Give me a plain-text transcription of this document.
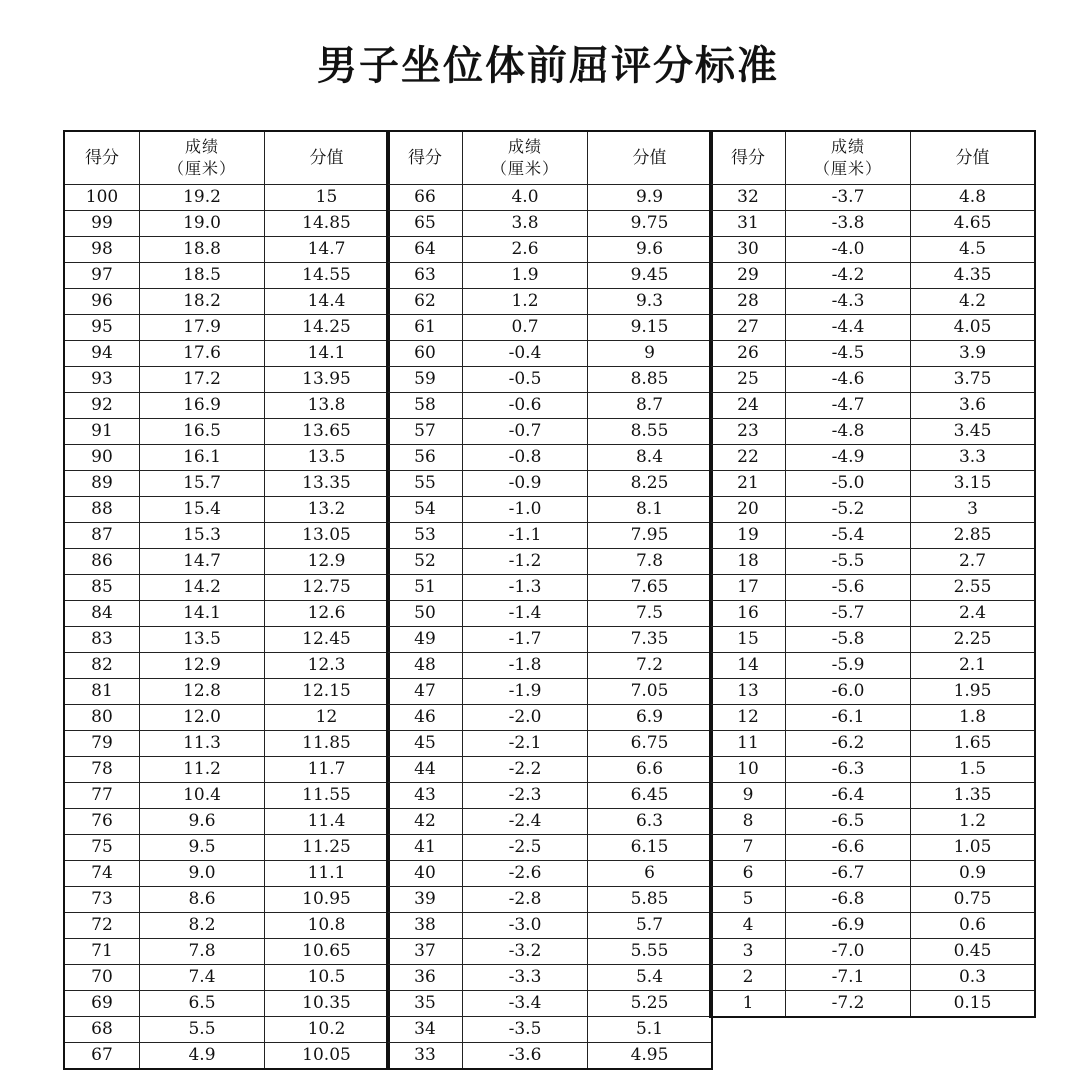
男子坐位体前屈评分标准
得分	成绩
（厘米）	分值
100	19.2	15
99	19.0	14.85
98	18.8	14.7
97	18.5	14.55
96	18.2	14.4
95	17.9	14.25
94	17.6	14.1
93	17.2	13.95
92	16.9	13.8
91	16.5	13.65
90	16.1	13.5
89	15.7	13.35
88	15.4	13.2
87	15.3	13.05
86	14.7	12.9
85	14.2	12.75
84	14.1	12.6
83	13.5	12.45
82	12.9	12.3
81	12.8	12.15
80	12.0	12
79	11.3	11.85
78	11.2	11.7
77	10.4	11.55
76	9.6	11.4
75	9.5	11.25
74	9.0	11.1
73	8.6	10.95
72	8.2	10.8
71	7.8	10.65
70	7.4	10.5
69	6.5	10.35
68	5.5	10.2
67	4.9	10.05
得分	成绩
（厘米）	分值
66	4.0	9.9
65	3.8	9.75
64	2.6	9.6
63	1.9	9.45
62	1.2	9.3
61	0.7	9.15
60	-0.4	9
59	-0.5	8.85
58	-0.6	8.7
57	-0.7	8.55
56	-0.8	8.4
55	-0.9	8.25
54	-1.0	8.1
53	-1.1	7.95
52	-1.2	7.8
51	-1.3	7.65
50	-1.4	7.5
49	-1.7	7.35
48	-1.8	7.2
47	-1.9	7.05
46	-2.0	6.9
45	-2.1	6.75
44	-2.2	6.6
43	-2.3	6.45
42	-2.4	6.3
41	-2.5	6.15
40	-2.6	6
39	-2.8	5.85
38	-3.0	5.7
37	-3.2	5.55
36	-3.3	5.4
35	-3.4	5.25
34	-3.5	5.1
33	-3.6	4.95
得分	成绩
（厘米）	分值
32	-3.7	4.8
31	-3.8	4.65
30	-4.0	4.5
29	-4.2	4.35
28	-4.3	4.2
27	-4.4	4.05
26	-4.5	3.9
25	-4.6	3.75
24	-4.7	3.6
23	-4.8	3.45
22	-4.9	3.3
21	-5.0	3.15
20	-5.2	3
19	-5.4	2.85
18	-5.5	2.7
17	-5.6	2.55
16	-5.7	2.4
15	-5.8	2.25
14	-5.9	2.1
13	-6.0	1.95
12	-6.1	1.8
11	-6.2	1.65
10	-6.3	1.5
9	-6.4	1.35
8	-6.5	1.2
7	-6.6	1.05
6	-6.7	0.9
5	-6.8	0.75
4	-6.9	0.6
3	-7.0	0.45
2	-7.1	0.3
1	-7.2	0.15
